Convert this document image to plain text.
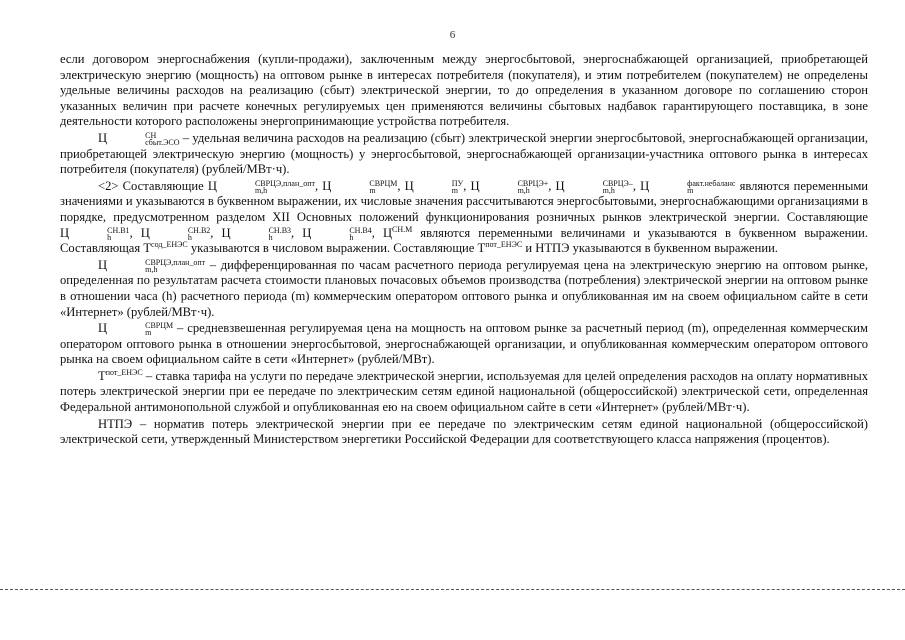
6

если договором энергоснабжения (купли-продажи), заключенным между энергосбытовой, энергоснабжающей организацией, приобретающей электрическую энергию (мощность) на оптовом рынке в интересах потребителя (покупателя), и этим потребителем (покупателем) не определены удельные величины расходов на реализацию (сбыт) электрической энергии, то до определения в указанном договоре по соглашению сторон указанных величин при расчете конечных регулируемых цен применяются величины сбытовых надбавок гарантирующего поставщика, в зоне деятельности которого расположены энергопринимающие устройства потребителя.

Ц	СН
сбыт.ЭСО – удельная величина расходов на реализацию (сбыт) электрической энергии энергосбытовой, энергоснабжающей организации, приобретающей электрическую энергию (мощность) у энергосбытовой, энергоснабжающей организации-участника оптового рынка в интересах потребителя (покупателя) (рублей/МВт·ч).

<2> Составляющие Ц	СВРЦЭ,план_опт
m,h	, Ц	СВРЦМ
m	, Ц	ПУ
m , Ц	СВРЦЭ+
m,h	, Ц	СВРЦЭ–
m,h	, Ц	факт.небаланс
m	являются переменными значениями и указываются в буквенном выражении, их числовые значения рассчитываются энергосбытовыми, энергоснабжающими организациями в порядке, предусмотренном разделом XII Основных положений функционирования розничных рынков электрической энергии. Составляющие Ц	СН.В1
h	, Ц	СН.В2
h	, Ц	СН.В3
h	, Ц	СН.В4
h	, $Ц^{СН.М}$ являются переменными величинами и указываются в буквенном выражении. Составляющая $Т^{сод\_ЕНЭС}$ указываются в числовом выражении. Составляющие $Т^{пот\_ЕНЭС}$ и НТПЭ указываются в буквенном выражении.

Ц	СВРЦЭ,план_опт
m,h	– дифференцированная по часам расчетного периода регулируемая цена на электрическую энергию на оптовом рынке, определенная по результатам расчета стоимости плановых почасовых объемов производства (потребления) электрической энергии на оптовом рынке в отношении часа (h) расчетного периода (m) коммерческим оператором оптового рынка и опубликованная им на своем официальном сайте в сети «Интернет» (рублей/МВт·ч).

Ц	СВРЦМ
m	– средневзвешенная регулируемая цена на мощность на оптовом рынке за расчетный период (m), определенная коммерческим оператором оптового рынка в отношении энергосбытовой, энергоснабжающей организации, и опубликованная коммерческим оператором оптового рынка на своем официальном сайте в сети «Интернет» (рублей/МВт).

$Т^{пот\_ЕНЭС}$ – ставка тарифа на услуги по передаче электрической энергии, используемая для целей определения расходов на оплату нормативных потерь электрической энергии при ее передаче по электрическим сетям единой национальной (общероссийской) электрической сети, определенная Федеральной антимонопольной службой и опубликованная ею на своем официальном сайте в сети «Интернет» (рублей/МВт·ч).

НТПЭ – норматив потерь электрической энергии при ее передаче по электрическим сетям единой национальной (общероссийской) электрической сети, утвержденный Министерством энергетики Российской Федерации для соответствующего класса напряжения (процентов).
